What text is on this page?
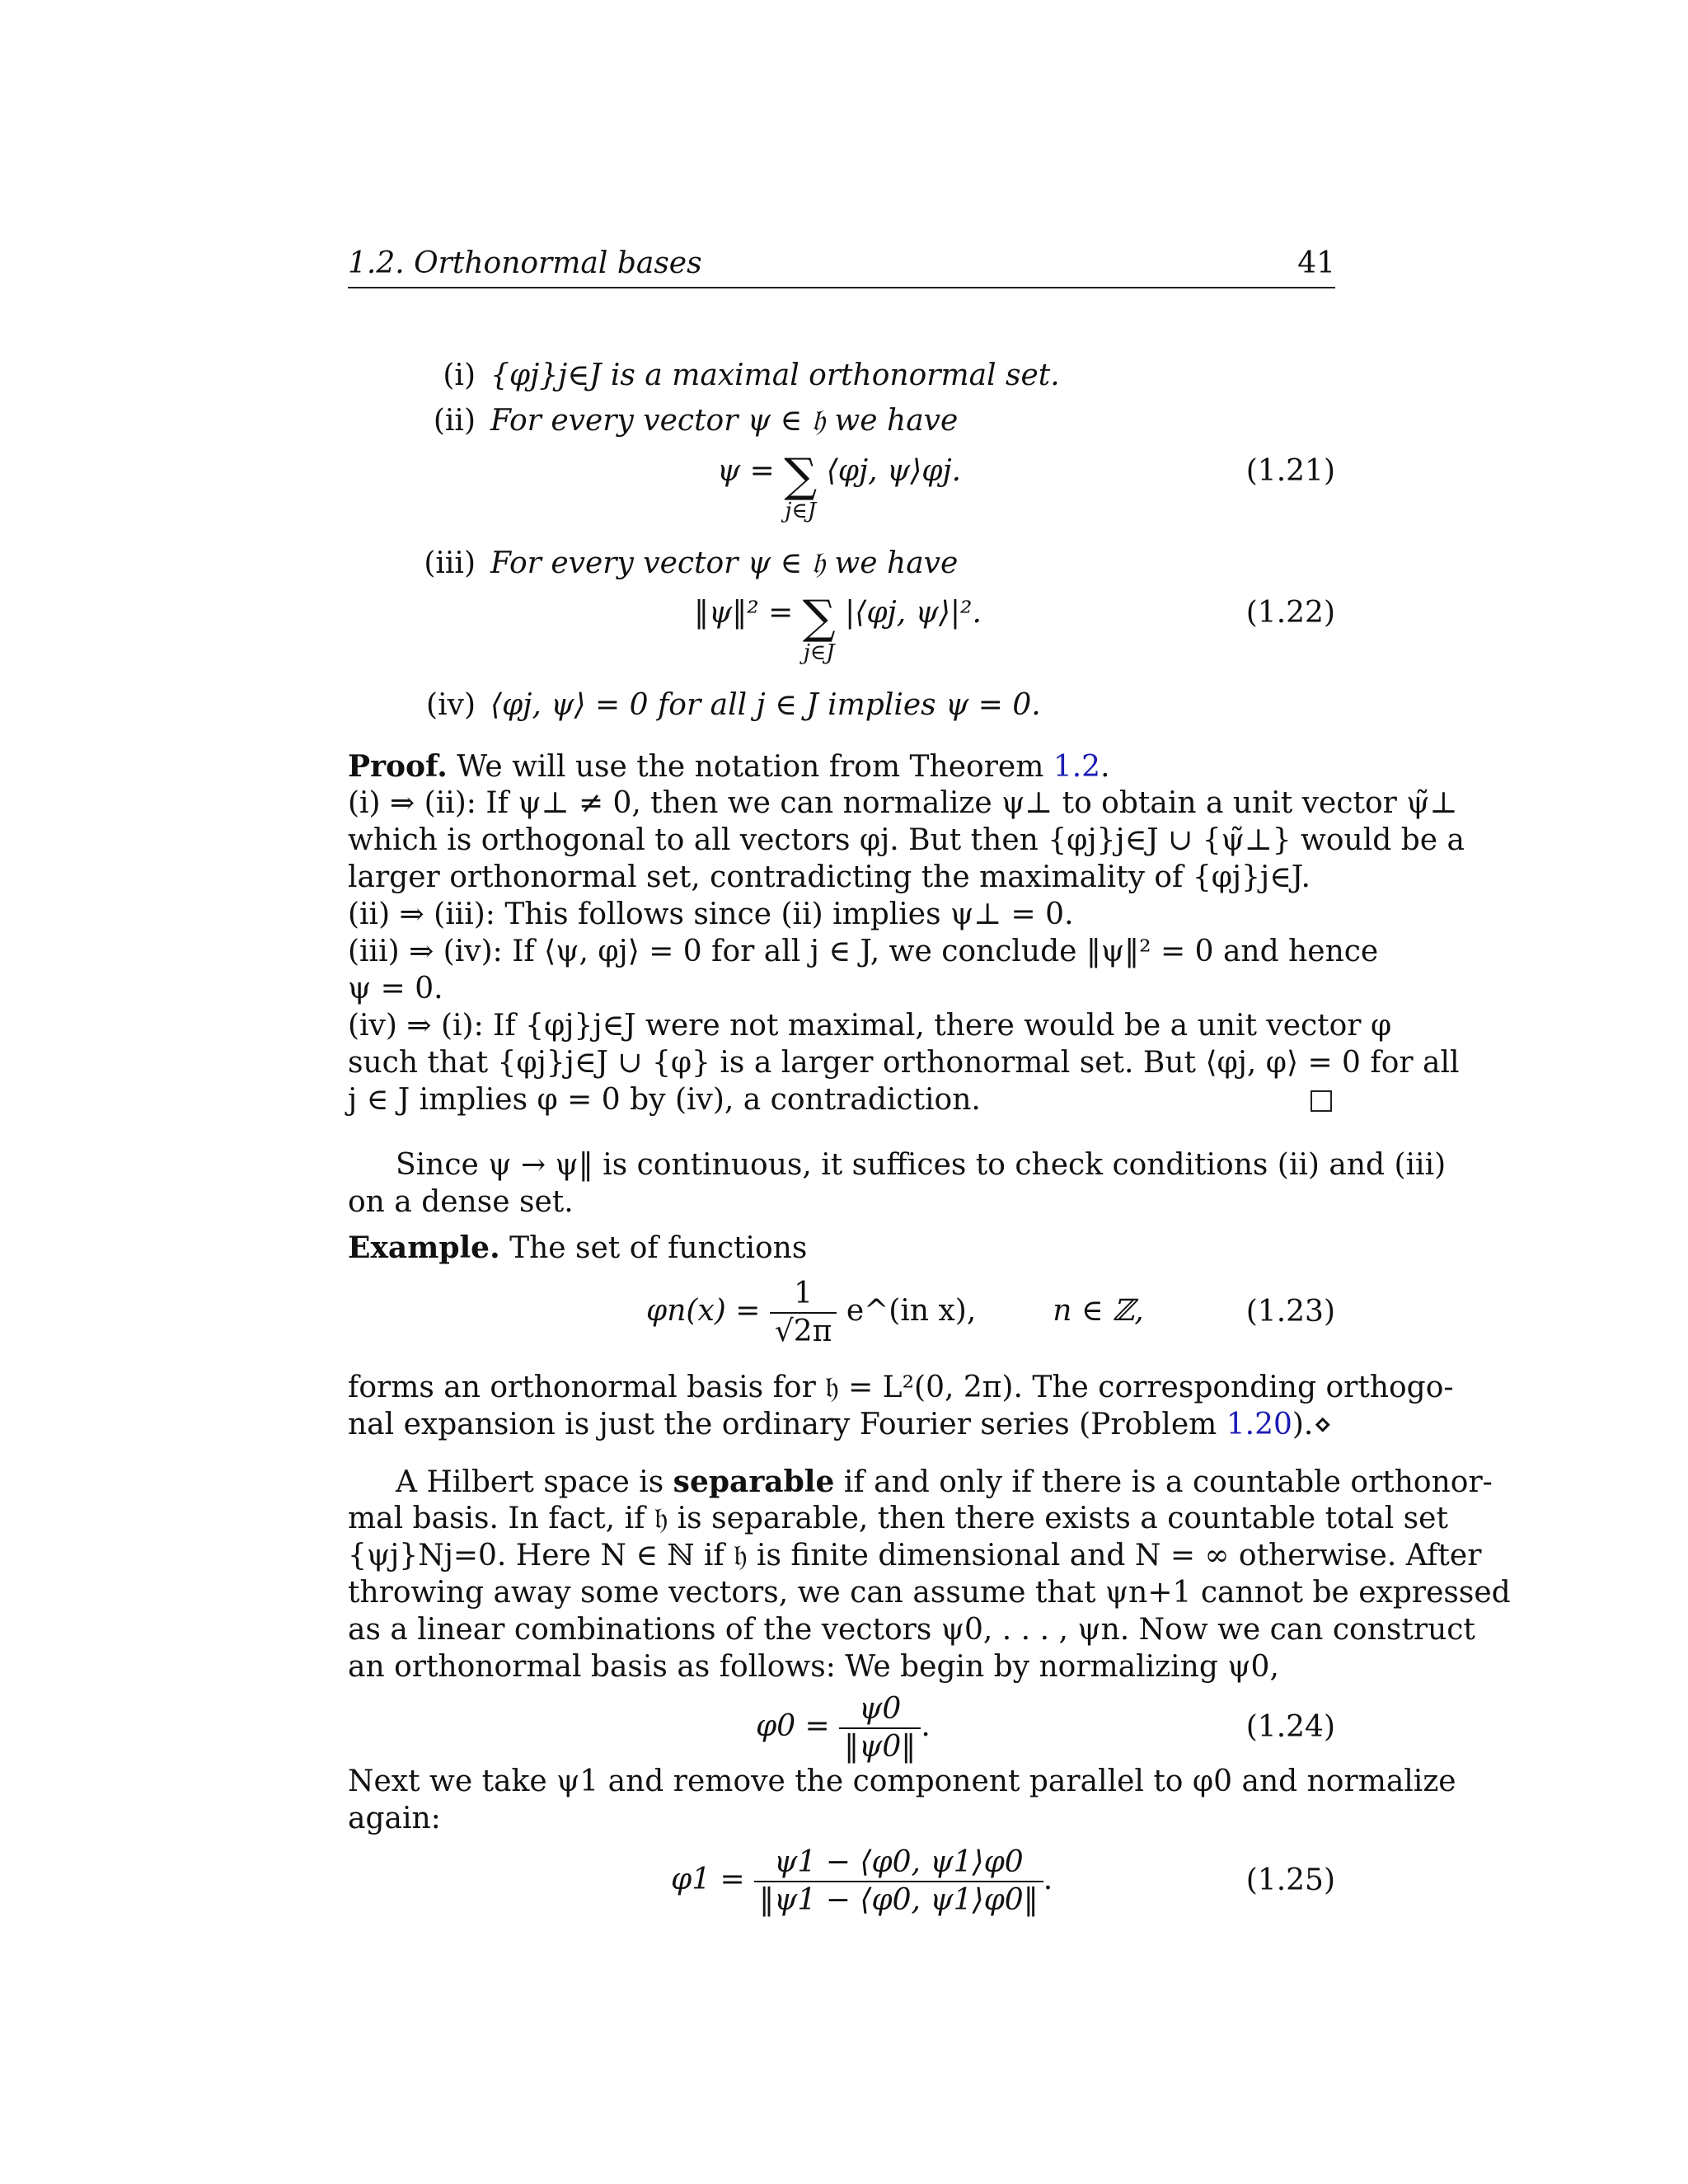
1.2. Orthonormal bases	41
(i) {φj}j∈J is a maximal orthonormal set.
(ii) For every vector ψ ∈ 𝔥 we have
ψ = ∑
j∈J
⟨φj, ψ⟩φj.	(1.21)
(iii) For every vector ψ ∈ 𝔥 we have
‖ψ‖² = ∑
j∈J
|⟨φj, ψ⟩|².	(1.22)
(iv) ⟨φj, ψ⟩ = 0 for all j ∈ J implies ψ = 0.
Proof. We will use the notation from Theorem 1.2.
(i) ⇒ (ii): If ψ⊥ ≠ 0, then we can normalize ψ⊥ to obtain a unit vector ψ̃⊥
which is orthogonal to all vectors φj. But then {φj}j∈J ∪ {ψ̃⊥} would be a
larger orthonormal set, contradicting the maximality of {φj}j∈J.
(ii) ⇒ (iii): This follows since (ii) implies ψ⊥ = 0.
(iii) ⇒ (iv): If ⟨ψ, φj⟩ = 0 for all j ∈ J, we conclude ‖ψ‖² = 0 and hence
ψ = 0.
(iv) ⇒ (i): If {φj}j∈J were not maximal, there would be a unit vector φ
such that {φj}j∈J ∪ {φ} is a larger orthonormal set. But ⟨φj, φ⟩ = 0 for all
j ∈ J implies φ = 0 by (iv), a contradiction.
Since ψ → ψ‖ is continuous, it suffices to check conditions (ii) and (iii)
on a dense set.
Example. The set of functions
$\varphi n(x) = \frac{1}{√2\pi}$ e^(in x),	n ∈ ℤ,	(1.23)
forms an orthonormal basis for 𝔥 = L²(0, 2π). The corresponding orthogo-
nal expansion is just the ordinary Fourier series (Problem 1.20). ⋄
A Hilbert space is separable if and only if there is a countable orthonor-
mal basis. In fact, if 𝔥 is separable, then there exists a countable total set
{ψj}Nj=0. Here N ∈ ℕ if 𝔥 is finite dimensional and N = ∞ otherwise. After
throwing away some vectors, we can assume that ψn+1 cannot be expressed
as a linear combinations of the vectors ψ0, . . . , ψn. Now we can construct
an orthonormal basis as follows: We begin by normalizing ψ0,
$\varphi 0 = \frac{\psi 0}{‖\psi 0‖}$ .	(1.24)
Next we take ψ1 and remove the component parallel to φ0 and normalize
again:
$\varphi 1 = \frac{\psi 1 - ⟨\varphi 0, \psi 1⟩\varphi 0}{‖\psi 1 - ⟨\varphi 0, \psi 1⟩\varphi 0‖}$ .	(1.25)
